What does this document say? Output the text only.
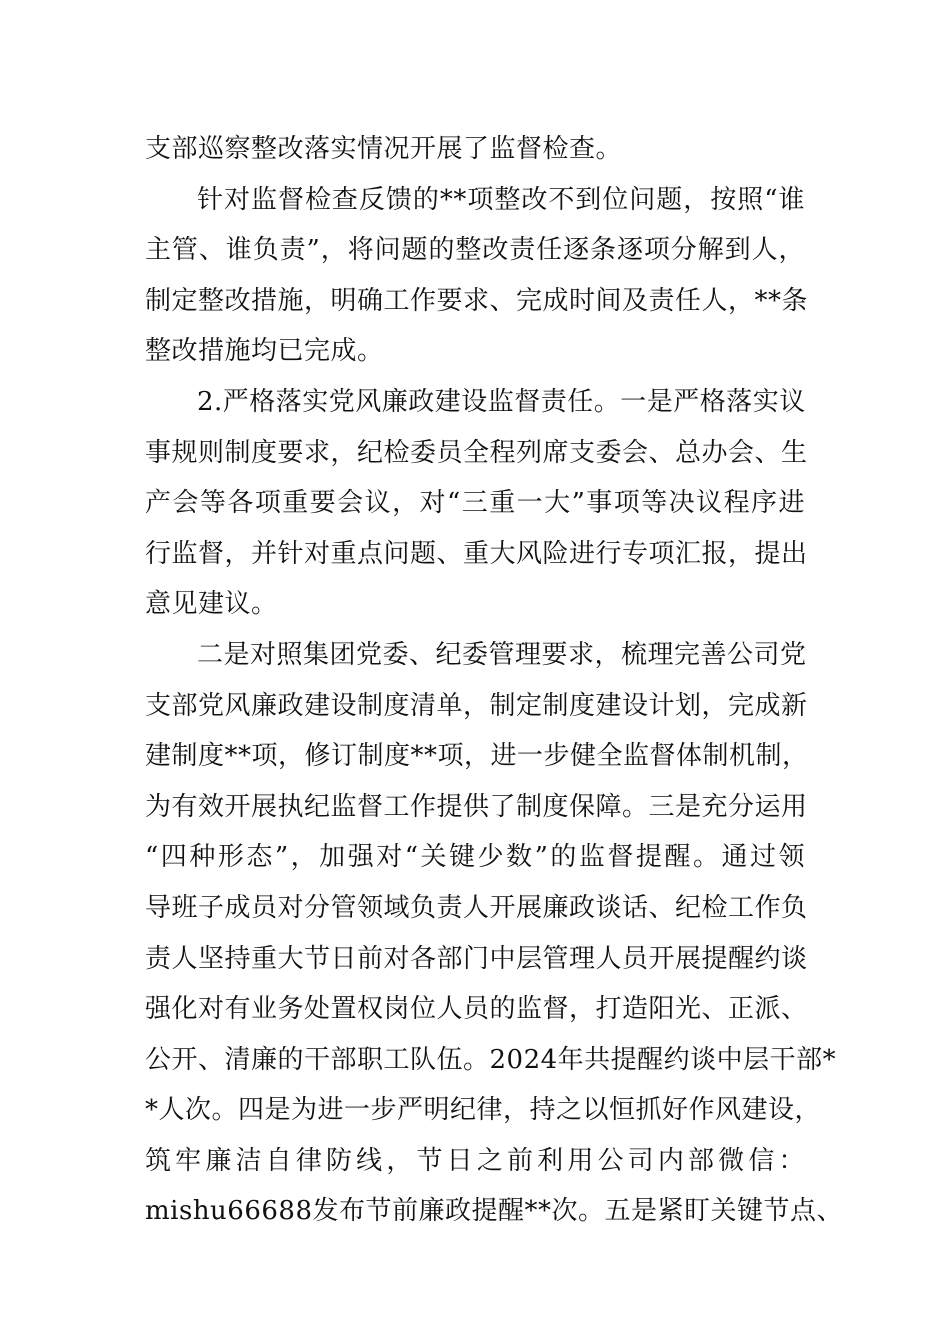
支部巡察整改落实情况开展了监督检查。
针对监督检查反馈的**项整改不到位问题，按照“谁
主管、谁负责”，将问题的整改责任逐条逐项分解到人，
制定整改措施，明确工作要求、完成时间及责任人，**条
整改措施均已完成。
2.严格落实党风廉政建设监督责任。一是严格落实议
事规则制度要求，纪检委员全程列席支委会、总办会、生
产会等各项重要会议，对“三重一大”事项等决议程序进
行监督，并针对重点问题、重大风险进行专项汇报，提出
意见建议。
二是对照集团党委、纪委管理要求，梳理完善公司党
支部党风廉政建设制度清单，制定制度建设计划，完成新
建制度**项，修订制度**项，进一步健全监督体制机制，
为有效开展执纪监督工作提供了制度保障。三是充分运用
“四种形态”，加强对“关键少数”的监督提醒。通过领
导班子成员对分管领域负责人开展廉政谈话、纪检工作负
责人坚持重大节日前对各部门中层管理人员开展提醒约谈
强化对有业务处置权岗位人员的监督，打造阳光、正派、
公开、清廉的干部职工队伍。2024年共提醒约谈中层干部*
*人次。四是为进一步严明纪律，持之以恒抓好作风建设，
筑牢廉洁自律防线，节日之前利用公司内部微信：
mishu66688发布节前廉政提醒**次。五是紧盯关键节点、
